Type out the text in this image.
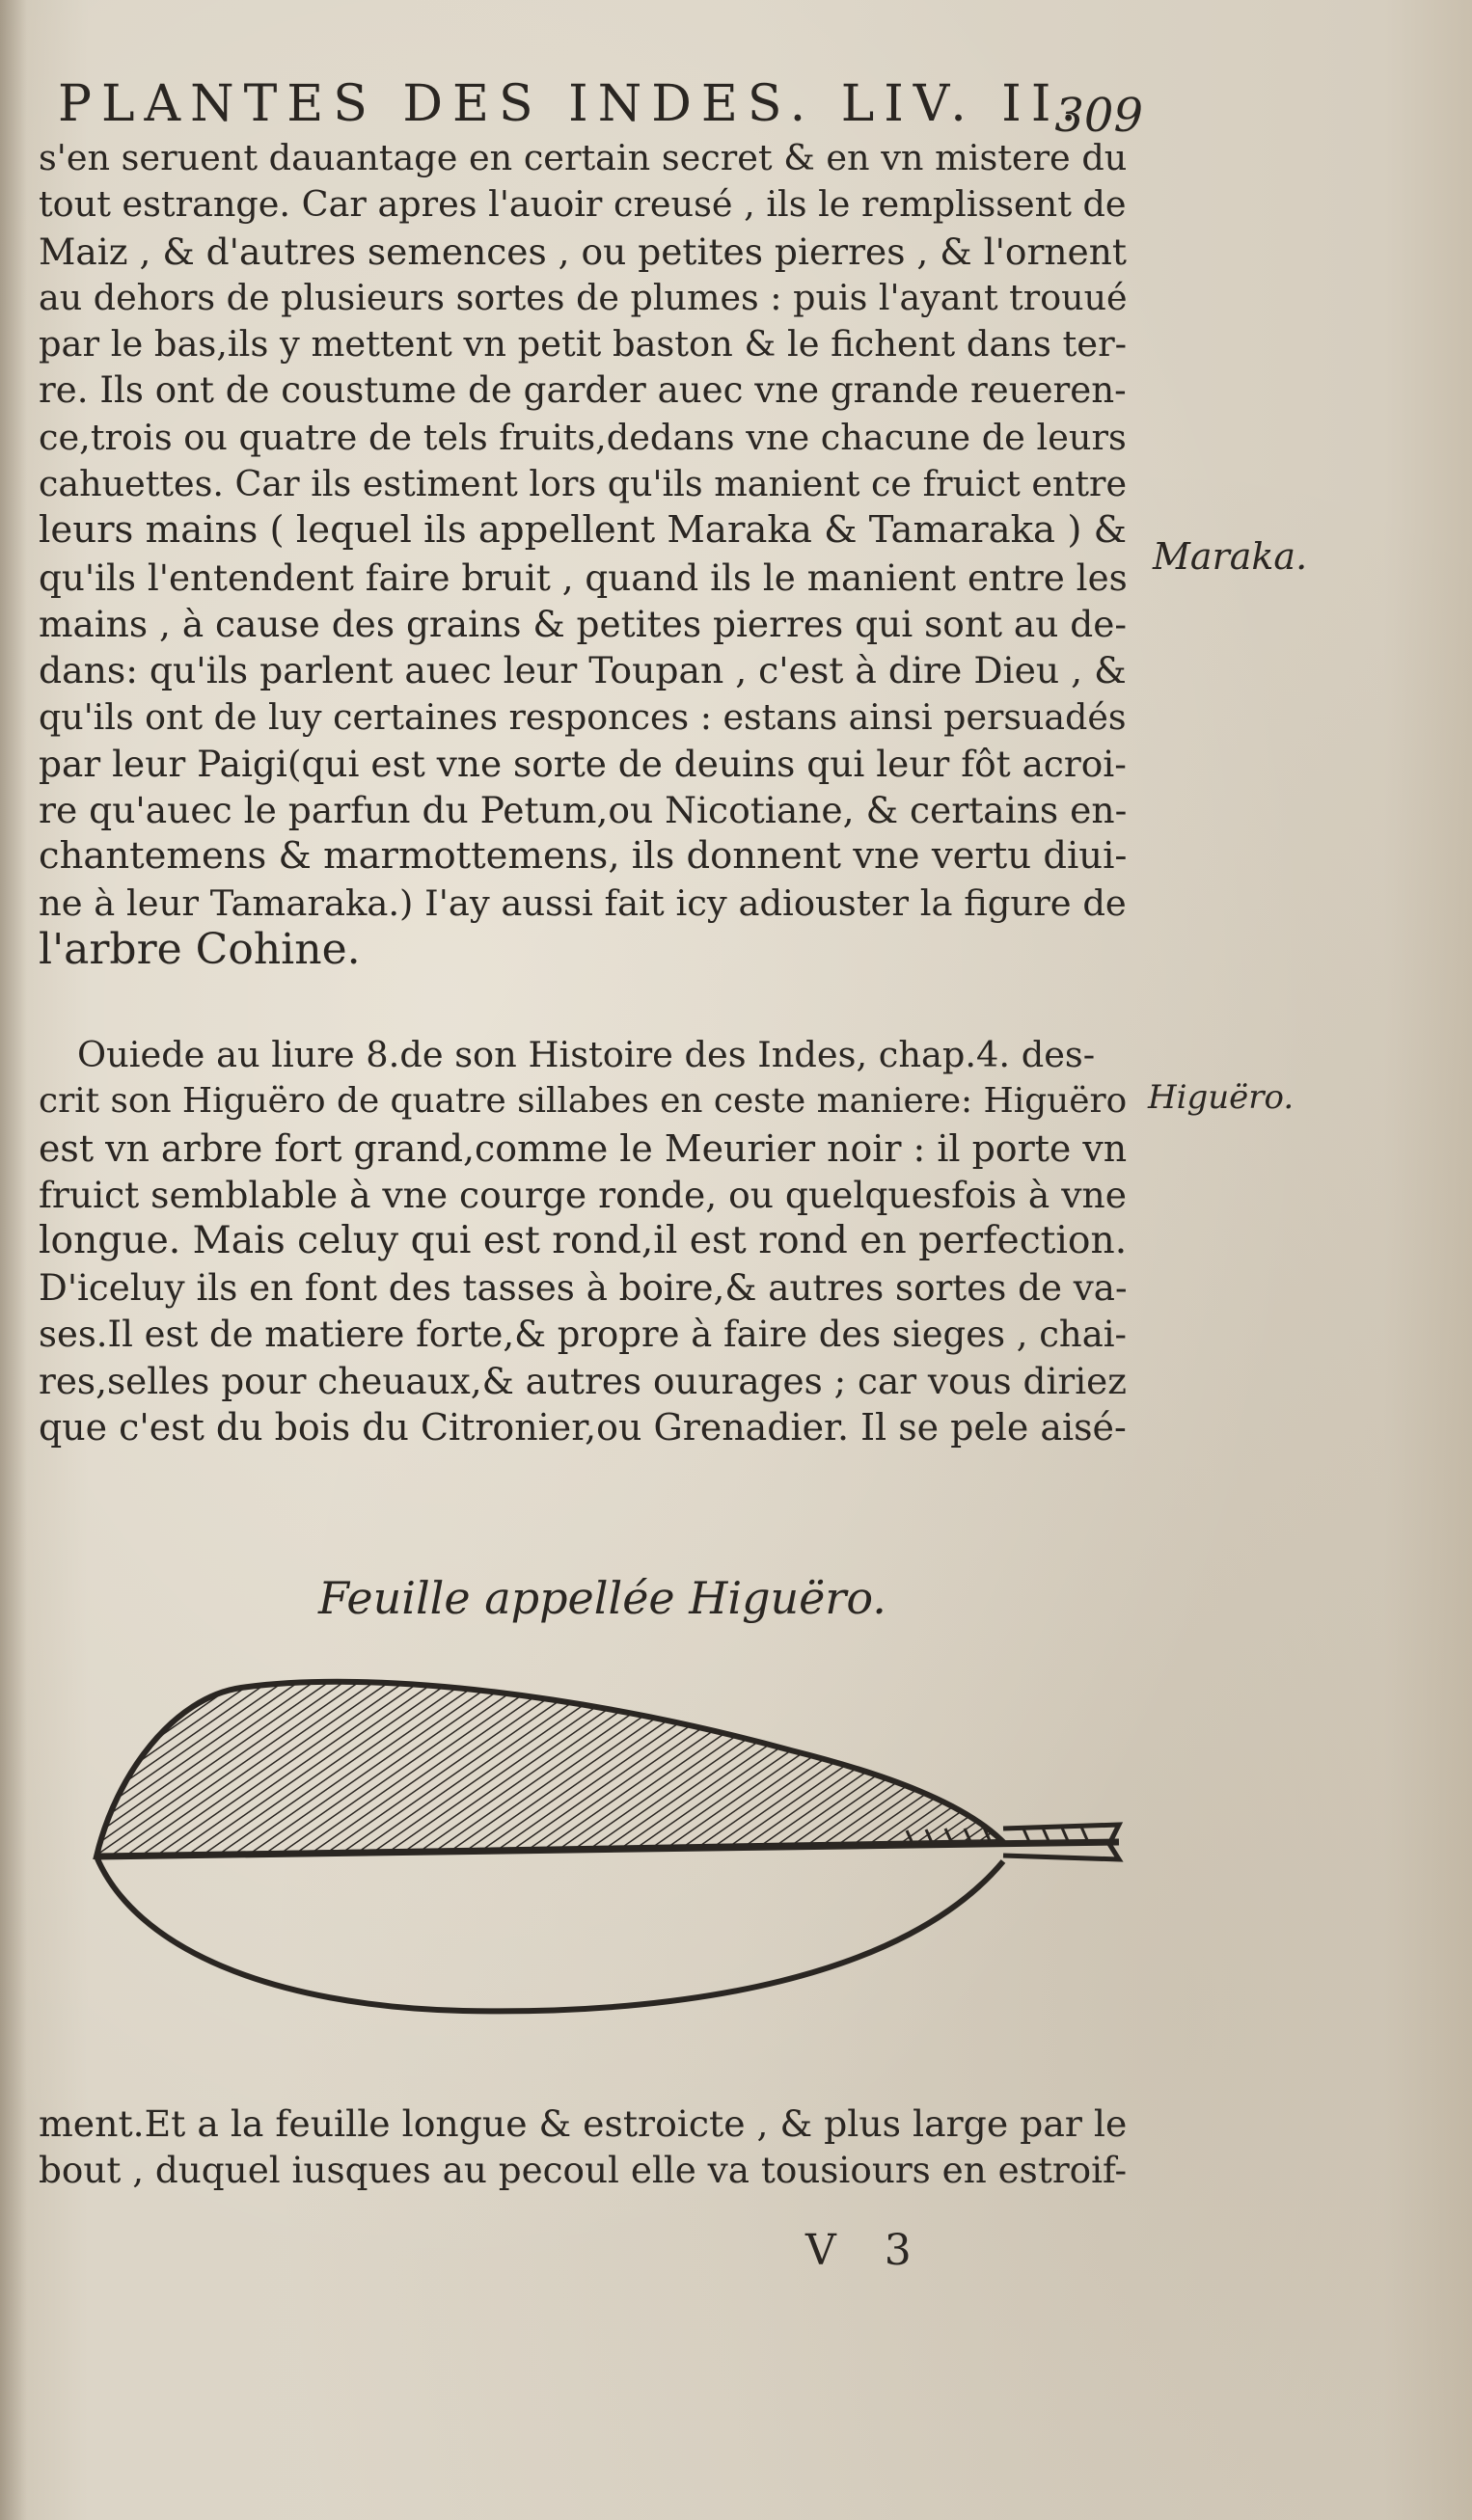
PLANTES DES INDES. LIV. II.
309
s'en seruent dauantage en certain secret & en vn mistere du
tout estrange. Car apres l'auoir creusé , ils le remplissent de
Maiz , & d'autres semences , ou petites pierres , & l'ornent
au dehors de plusieurs sortes de plumes : puis l'ayant trouué
par le bas,ils y mettent vn petit baston & le fichent dans ter-
re. Ils ont de coustume de garder auec vne grande reueren-
ce,trois ou quatre de tels fruits,dedans vne chacune de leurs
cahuettes. Car ils estiment lors qu'ils manient ce fruict entre
leurs mains ( lequel ils appellent Maraka & Tamaraka ) &
qu'ils l'entendent faire bruit , quand ils le manient entre les
mains , à cause des grains & petites pierres qui sont au de-
dans: qu'ils parlent auec leur Toupan , c'est à dire Dieu , &
qu'ils ont de luy certaines responces : estans ainsi persuadés
par leur Paigi(qui est vne sorte de deuins qui leur fôt acroi-
re qu'auec le parfun du Petum,ou Nicotiane, & certains en-
chantemens & marmottemens, ils donnent vne vertu diui-
ne à leur Tamaraka.) I'ay aussi fait icy adiouster la figure de
l'arbre Cohine.
Maraka.
Ouiede au liure 8.de son Histoire des Indes, chap.4. des-
crit son Higuëro de quatre sillabes en ceste maniere: Higuëro
est vn arbre fort grand,comme le Meurier noir : il porte vn
fruict semblable à vne courge ronde, ou quelquesfois à vne
longue. Mais celuy qui est rond,il est rond en perfection.
D'iceluy ils en font des tasses à boire,& autres sortes de va-
ses.Il est de matiere forte,& propre à faire des sieges , chai-
res,selles pour cheuaux,& autres ouurages ; car vous diriez
que c'est du bois du Citronier,ou Grenadier. Il se pele aisé-
Higuëro.
Feuille appellée Higuëro.
ment.Et a la feuille longue & estroicte , & plus large par le
bout , duquel iusques au pecoul elle va tousiours en estroif-
V 3
